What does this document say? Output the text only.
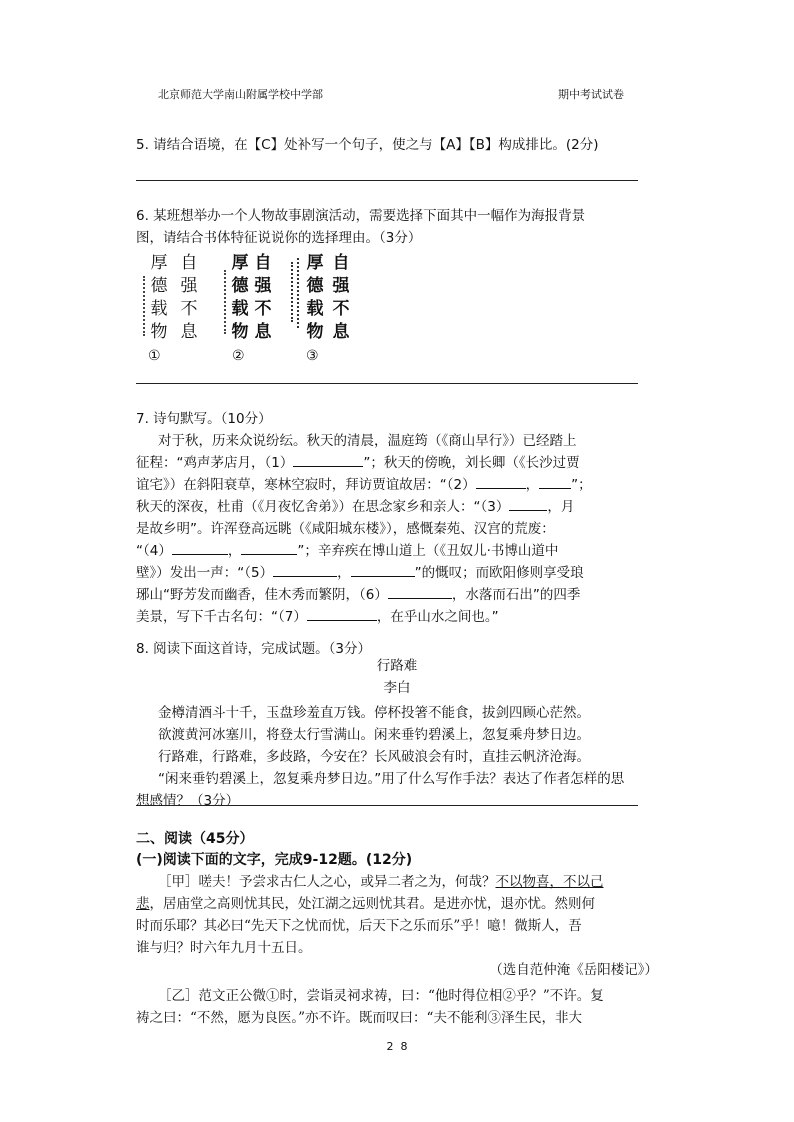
北京师范大学南山附属学校中学部	期中考试试卷
5. 请结合语境，在【C】处补写一个句子，使之与【A】【B】构成排比。(2分)
6. 某班想举办一个人物故事剧演活动，需要选择下面其中一幅作为海报背景
图，请结合书体特征说说你的选择理由。（3分）
厚德载物
自强不息
①
厚德载物
自强不息
②
厚德载物
自强不息
③
7. 诗句默写。（10分）
对于秋，历来众说纷纭。秋天的清晨，温庭筠（《商山早行》）已经踏上
征程：“鸡声茅店月，（1）	”；秋天的傍晚，刘长卿（《长沙过贾
谊宅》）在斜阳衰草，寒林空寂时，拜访贾谊故居：“（2）	， ”；
秋天的深夜，杜甫（《月夜忆舍弟》）在思念家乡和亲人：“（3）	，月
是故乡明”。许浑登高远眺（《咸阳城东楼》），感慨秦苑、汉宫的荒废：
“（4）	，	”；辛弃疾在博山道上（《丑奴儿·书博山道中
壁》）发出一声：“（5）	，	”的慨叹；而欧阳修则享受琅
琊山“野芳发而幽香，佳木秀而繁阴，（6）	，水落而石出”的四季
美景，写下千古名句：“（7）	，在乎山水之间也。”
8. 阅读下面这首诗，完成试题。（3分）
行路难
李白
金樽清酒斗十千，玉盘珍羞直万钱。停杯投箸不能食，拔剑四顾心茫然。
欲渡黄河冰塞川，将登太行雪满山。闲来垂钓碧溪上，忽复乘舟梦日边。
行路难，行路难，多歧路，今安在？长风破浪会有时，直挂云帆济沧海。
“闲来垂钓碧溪上，忽复乘舟梦日边。”用了什么写作手法？表达了作者怎样的思
想感情？（3分）
二、阅读（45分）
(一)阅读下面的文字，完成9-12题。(12分)
［甲］嗟夫！予尝求古仁人之心，或异二者之为，何哉？不以物喜，不以己
悲，居庙堂之高则忧其民，处江湖之远则忧其君。是进亦忧，退亦忧。然则何
时而乐耶？其必曰“先天下之忧而忧，后天下之乐而乐”乎！噫！微斯人，吾
谁与归？时六年九月十五日。
（选自范仲淹《岳阳楼记》）
［乙］范文正公微①时，尝诣灵祠求祷，曰：“他时得位相②乎？”不许。复
祷之曰：“不然，愿为良医。”亦不许。既而叹曰：“夫不能利③泽生民，非大
2  8
